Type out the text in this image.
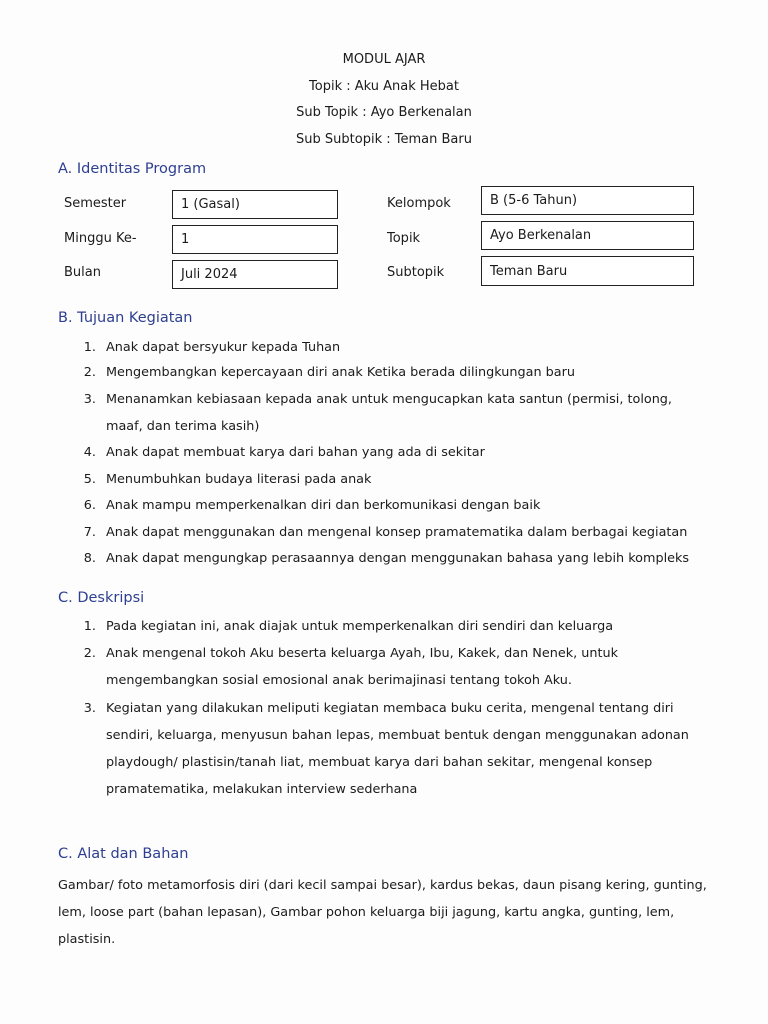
MODUL AJAR
Topik : Aku Anak Hebat
Sub Topik : Ayo Berkenalan
Sub Subtopik : Teman Baru
A. Identitas Program
Semester	1 (Gasal)
Minggu Ke-	1
Bulan	Juli 2024
Kelompok	B (5-6 Tahun)
Topik	Ayo Berkenalan
Subtopik	Teman Baru
B. Tujuan Kegiatan
1. Anak dapat bersyukur kepada Tuhan
2. Mengembangkan kepercayaan diri anak Ketika berada dilingkungan baru
3. Menanamkan kebiasaan kepada anak untuk mengucapkan kata santun (permisi, tolong,
maaf, dan terima kasih)
4. Anak dapat membuat karya dari bahan yang ada di sekitar
5. Menumbuhkan budaya literasi pada anak
6. Anak mampu memperkenalkan diri dan berkomunikasi dengan baik
7. Anak dapat menggunakan dan mengenal konsep pramatematika dalam berbagai kegiatan
8. Anak dapat mengungkap perasaannya dengan menggunakan bahasa yang lebih kompleks
C. Deskripsi
1. Pada kegiatan ini, anak diajak untuk memperkenalkan diri sendiri dan keluarga
2. Anak mengenal tokoh Aku beserta keluarga Ayah, Ibu, Kakek, dan Nenek, untuk
mengembangkan sosial emosional anak berimajinasi tentang tokoh Aku.
3. Kegiatan yang dilakukan meliputi kegiatan membaca buku cerita, mengenal tentang diri
sendiri, keluarga, menyusun bahan lepas, membuat bentuk dengan menggunakan adonan
playdough/ plastisin/tanah liat, membuat karya dari bahan sekitar, mengenal konsep
pramatematika, melakukan interview sederhana
C. Alat dan Bahan
Gambar/ foto metamorfosis diri (dari kecil sampai besar), kardus bekas, daun pisang kering, gunting,
lem, loose part (bahan lepasan), Gambar pohon keluarga biji jagung, kartu angka, gunting, lem,
plastisin.
